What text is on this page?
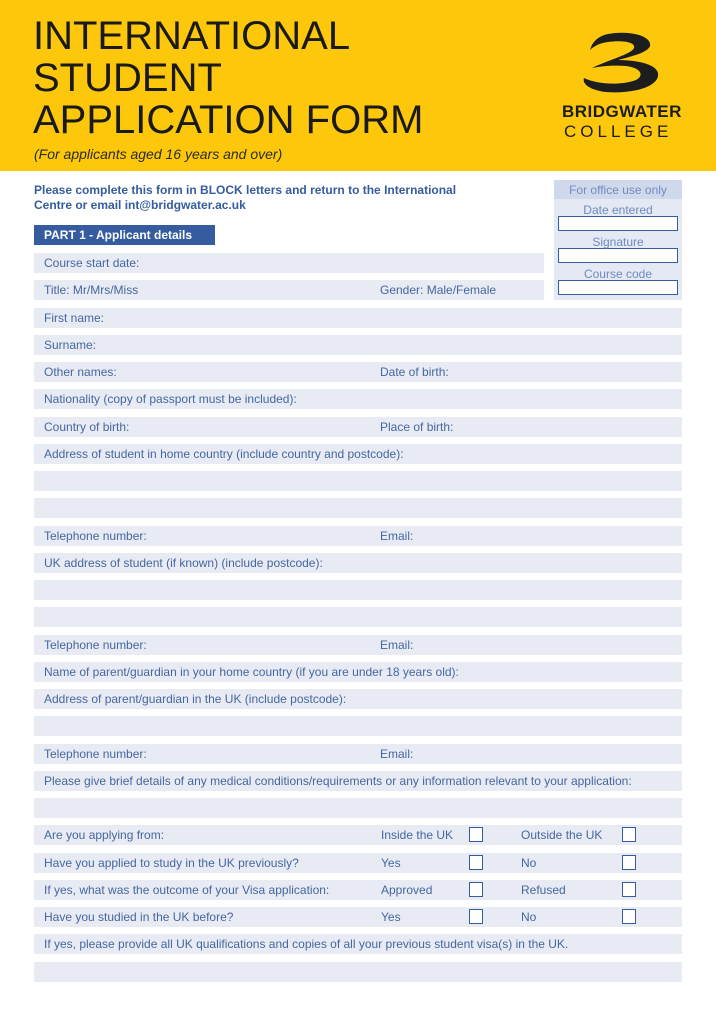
INTERNATIONAL
STUDENT
APPLICATION FORM
(For applicants aged 16 years and over)
BRIDGWATER
COLLEGE
Please complete this form in BLOCK letters and return to the International Centre or email int@bridgwater.ac.uk
PART 1 - Applicant details
For office use only
Date entered
Signature
Course code
Course start date:
Title: Mr/Mrs/Miss	Gender: Male/Female
First name:
Surname:
Other names:	Date of birth:
Nationality (copy of passport must be included):
Country of birth:	Place of birth:
Address of student in home country (include country and postcode):
Telephone number:	Email:
UK address of student (if known) (include postcode):
Telephone number:	Email:
Name of parent/guardian in your home country (if you are under 18 years old):
Address of parent/guardian in the UK (include postcode):
Telephone number:	Email:
Please give brief details of any medical conditions/requirements or any information relevant to your application:
Are you applying from:	Inside the UK	Outside the UK
Have you applied to study in the UK previously?	Yes	No
If yes, what was the outcome of your Visa application:	Approved	Refused
Have you studied in the UK before?	Yes	No
If yes, please provide all UK qualifications and copies of all your previous student visa(s) in the UK.
